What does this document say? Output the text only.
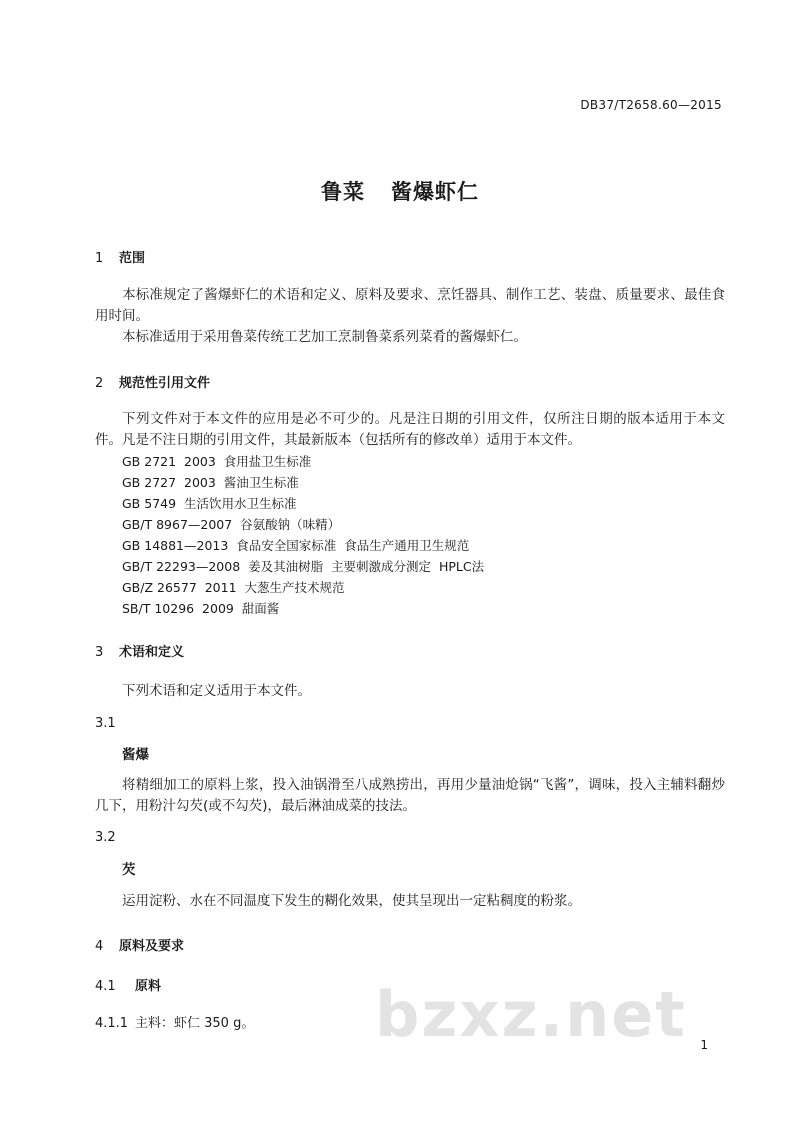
DB37/T2658.60—2015
鲁菜 酱爆虾仁
1 范围
本标准规定了酱爆虾仁的术语和定义、原料及要求、烹饪器具、制作工艺、装盘、质量要求、最佳食用时间。
本标准适用于采用鲁菜传统工艺加工烹制鲁菜系列菜肴的酱爆虾仁。
2 规范性引用文件
下列文件对于本文件的应用是必不可少的。凡是注日期的引用文件，仅所注日期的版本适用于本文件。凡是不注日期的引用文件，其最新版本（包括所有的修改单）适用于本文件。
GB 2721  2003  食用盐卫生标准
GB 2727  2003  酱油卫生标准
GB 5749  生活饮用水卫生标准
GB/T 8967—2007  谷氨酸钠（味精）
GB 14881—2013  食品安全国家标准  食品生产通用卫生规范
GB/T 22293—2008  姜及其油树脂  主要刺激成分测定  HPLC法
GB/Z 26577  2011  大葱生产技术规范
SB/T 10296  2009  甜面酱
3 术语和定义
下列术语和定义适用于本文件。
3.1
酱爆
将精细加工的原料上浆，投入油锅滑至八成熟捞出，再用少量油炝锅“飞酱”，调味，投入主辅料翻炒几下，用粉汁勾芡(或不勾芡)，最后淋油成菜的技法。
3.2
芡
运用淀粉、水在不同温度下发生的糊化效果，使其呈现出一定粘稠度的粉浆。
4 原料及要求
4.1 原料
4.1.1 主料：虾仁 350 g。 bzxz.net 1
